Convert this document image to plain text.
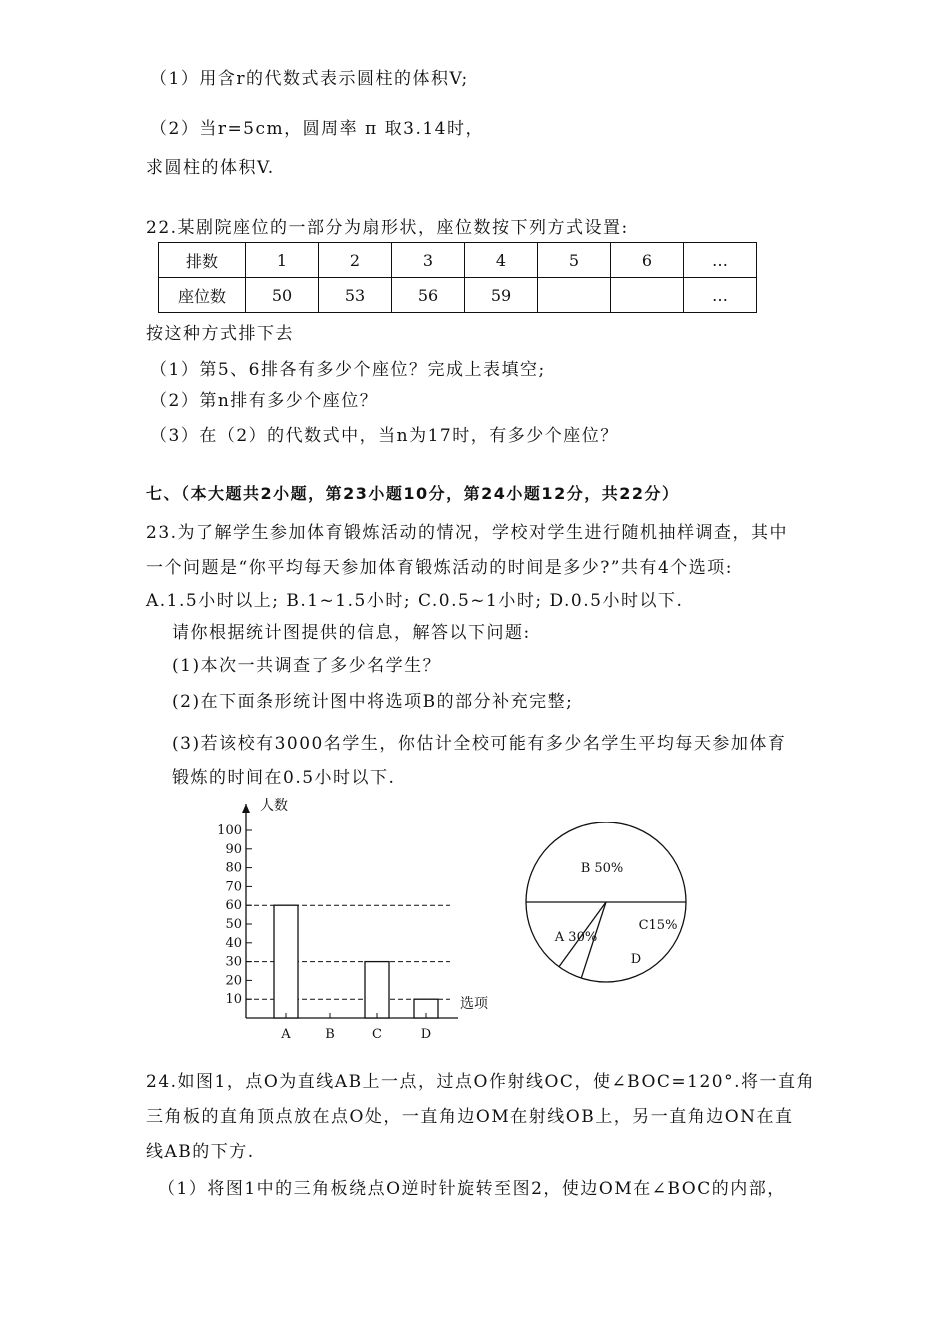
（1）用含r的代数式表示圆柱的体积V;
（2）当r=5cm，圆周率 π 取3.14时，
求圆柱的体积V.
22.某剧院座位的一部分为扇形状，座位数按下列方式设置:
排数	1	2	3	4	5	6	…
座位数	50	53	56	59			…
按这种方式排下去
（1）第5、6排各有多少个座位？完成上表填空;
（2）第n排有多少个座位？
（3）在（2）的代数式中，当n为17时，有多少个座位？
七、（本大题共2小题，第23小题10分，第24小题12分，共22分）
23.为了解学生参加体育锻炼活动的情况，学校对学生进行随机抽样调查，其中
一个问题是“你平均每天参加体育锻炼活动的时间是多少?”共有4个选项:
A.1.5小时以上; B.1~1.5小时; C.0.5~1小时; D.0.5小时以下.
请你根据统计图提供的信息，解答以下问题:
(1)本次一共调查了多少名学生？
(2)在下面条形统计图中将选项B的部分补充完整;
(3)若该校有3000名学生，你估计全校可能有多少名学生平均每天参加体育
锻炼的时间在0.5小时以下.
10
20
30
40
50
60
70
80
90
100
A	B	C	D
人数
选项
B 50%
A 30%
C15%
D
24.如图1，点O为直线AB上一点，过点O作射线OC，使∠BOC=120°.将一直角
三角板的直角顶点放在点O处，一直角边OM在射线OB上，另一直角边ON在直
线AB的下方.
（1）将图1中的三角板绕点O逆时针旋转至图2，使边OM在∠BOC的内部，
